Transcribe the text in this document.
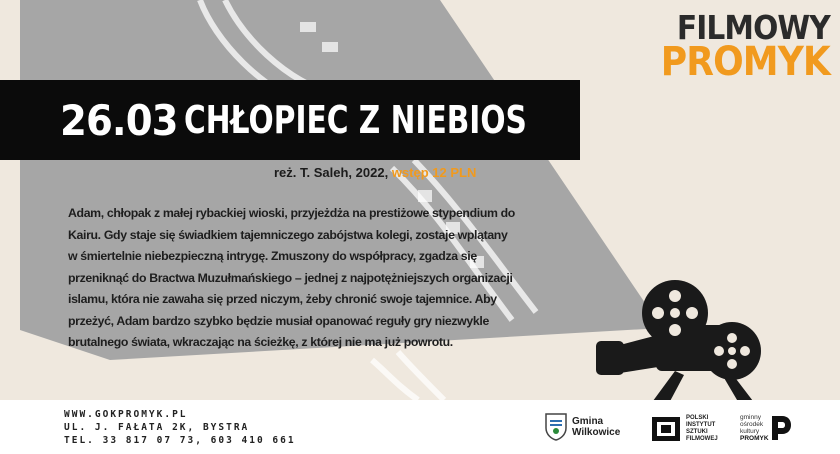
FILMOWY
PROMYK
26.03 CHŁOPIEC Z NIEBIOS
reż. T. Saleh, 2022, wstęp 12 PLN

Adam, chłopak z małej rybackiej wioski, przyjeżdża na prestiżowe stypendium do Kairu. Gdy staje się świadkiem tajemniczego zabójstwa kolegi, zostaje wplątany w śmiertelnie niebezpieczną intrygę. Zmuszony do współpracy, zgadza się przeniknąć do Bractwa Muzułmańskiego – jednej z najpotężniejszych organizacji islamu, która nie zawaha się przed niczym, żeby chronić swoje tajemnice. Aby przeżyć, Adam bardzo szybko będzie musiał opanować reguły gry niezwykle brutalnego świata, wkraczając na ścieżkę, z której nie ma już powrotu.

WWW.GOKPROMYK.PL
UL. J. FAŁATA 2K, BYSTRA
TEL. 33 817 07 73, 603 410 661
Gmina
Wilkowice
POLSKI
INSTYTUT
SZTUKI
FILMOWEJ
gminny
ośrodek
kultury
PROMYK
